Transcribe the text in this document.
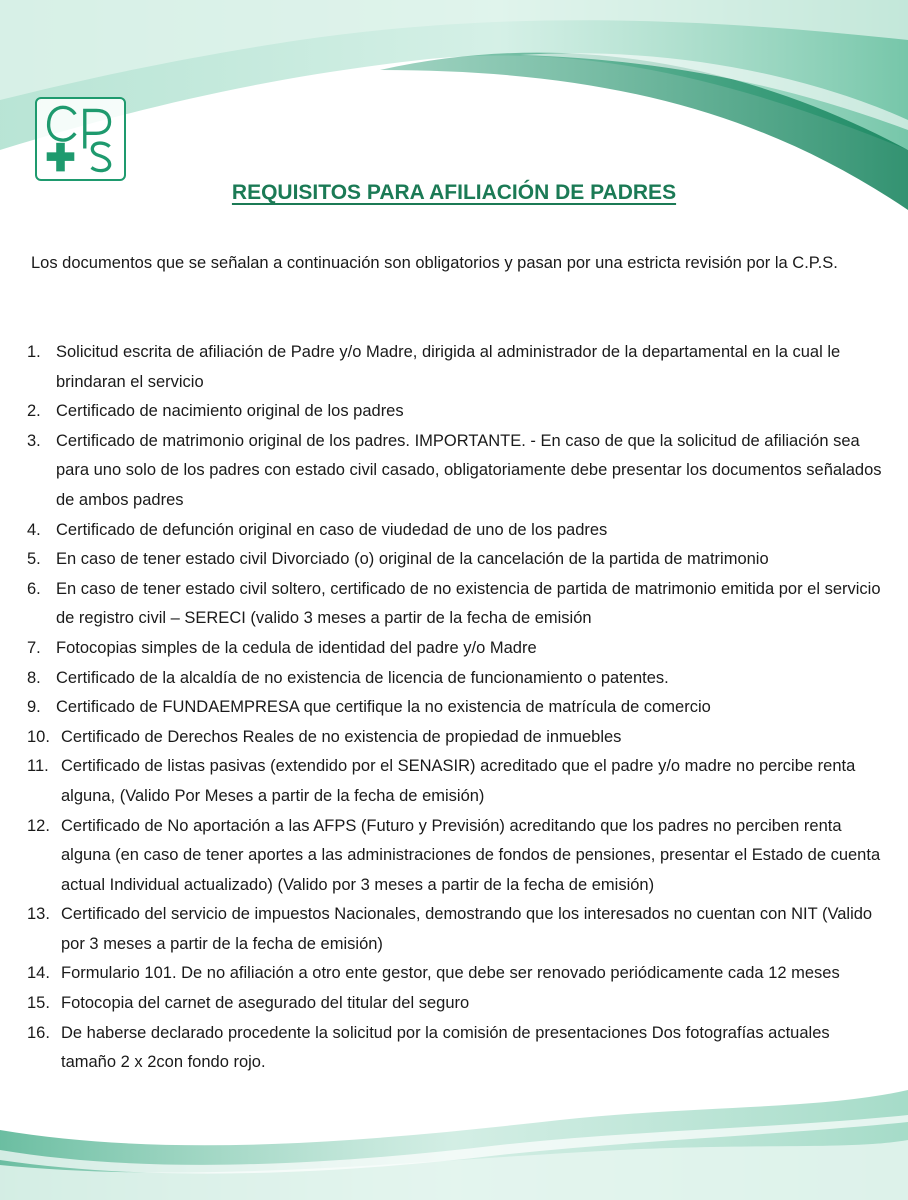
REQUISITOS PARA AFILIACIÓN DE PADRES

Los documentos que se señalan a continuación son obligatorios y pasan por una estricta revisión por la C.P.S.

1. Solicitud escrita de afiliación de Padre y/o Madre, dirigida al administrador de la departamental en la cual le brindaran el servicio
2. Certificado de nacimiento original de los padres
3. Certificado de matrimonio original de los padres. IMPORTANTE. - En caso de que la solicitud de afiliación sea para uno solo de los padres con estado civil casado, obligatoriamente debe presentar los documentos señalados de ambos padres
4. Certificado de defunción original en caso de viudedad de uno de los padres
5. En caso de tener estado civil Divorciado (o) original de la cancelación de la partida de matrimonio
6. En caso de tener estado civil soltero, certificado de no existencia de partida de matrimonio emitida por el servicio de registro civil – SERECI (valido 3 meses a partir de la fecha de emisión
7. Fotocopias simples de la cedula de identidad del padre y/o Madre
8. Certificado de la alcaldía de no existencia de licencia de funcionamiento o patentes.
9. Certificado de FUNDAEMPRESA que certifique la no existencia de matrícula de comercio
10. Certificado de Derechos Reales de no existencia de propiedad de inmuebles
11. Certificado de listas pasivas (extendido por el SENASIR) acreditado que el padre y/o madre no percibe renta alguna, (Valido Por Meses a partir de la fecha de emisión)
12. Certificado de No aportación a las AFPS (Futuro y Previsión) acreditando que los padres no perciben renta alguna (en caso de tener aportes a las administraciones de fondos de pensiones, presentar el Estado de cuenta actual Individual actualizado) (Valido por 3 meses a partir de la fecha de emisión)
13. Certificado del servicio de impuestos Nacionales, demostrando que los interesados no cuentan con NIT (Valido por 3 meses a partir de la fecha de emisión)
14. Formulario 101. De no afiliación a otro ente gestor, que debe ser renovado periódicamente cada 12 meses
15. Fotocopia del carnet de asegurado del titular del seguro
16. De haberse declarado procedente la solicitud por la comisión de presentaciones Dos fotografías actuales tamaño 2 x 2con fondo rojo.
